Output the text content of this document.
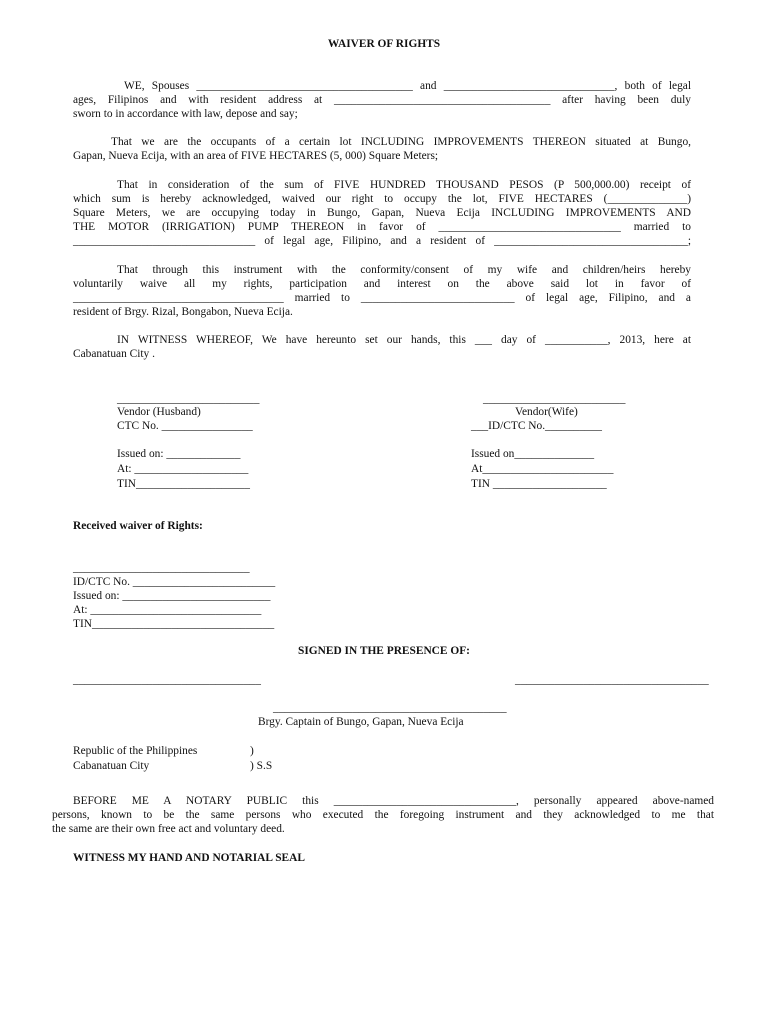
WAIVER OF RIGHTS
WE, Spouses ______________________________________ and ______________________________, both of legal
ages, Filipinos and with resident address at ______________________________________ after having been duly
sworn to in accordance with law, depose and say;
That we are the occupants of a certain lot INCLUDING IMPROVEMENTS THEREON situated at Bungo,
Gapan, Nueva Ecija, with an area of FIVE HECTARES (5, 000) Square Meters;
That in consideration of the sum of FIVE HUNDRED THOUSAND PESOS (P 500,000.00) receipt of
which sum is hereby acknowledged, waived our right to occupy the lot, FIVE HECTARES (______________)
Square Meters, we are occupying today in Bungo, Gapan, Nueva Ecija INCLUDING IMPROVEMENTS AND
THE MOTOR (IRRIGATION) PUMP THEREON in favor of ________________________________ married to
________________________________ of legal age, Filipino, and a resident of __________________________________;
That through this instrument with the conformity/consent of my wife and children/heirs hereby
voluntarily waive all my rights, participation and interest on the above said lot in favor of
_____________________________________ married to ___________________________ of legal age, Filipino, and a
resident of Brgy. Rizal, Bongabon, Nueva Ecija.
IN WITNESS WHEREOF, We have hereunto set our hands, this ___ day of ___________, 2013, here at
Cabanatuan City .
_________________________
Vendor (Husband)
CTC No. ________________
Issued on: _____________
At: ____________________
TIN____________________
_________________________
Vendor(Wife)
___ID/CTC No.__________
Issued on______________
At_______________________
TIN ____________________
Received waiver of Rights:
_______________________________
ID/CTC No. _________________________
Issued on: __________________________
At: ______________________________
TIN________________________________
SIGNED IN THE PRESENCE OF:
_________________________________	__________________________________
_________________________________________
Brgy. Captain of Bungo, Gapan, Nueva Ecija
Republic of the Philippines	)
Cabanatuan City	) S.S
BEFORE ME A NOTARY PUBLIC this ________________________________, personally appeared above-named
persons, known to be the same persons who executed the foregoing instrument and they acknowledged to me that
the same are their own free act and voluntary deed.
WITNESS MY HAND AND NOTARIAL SEAL
